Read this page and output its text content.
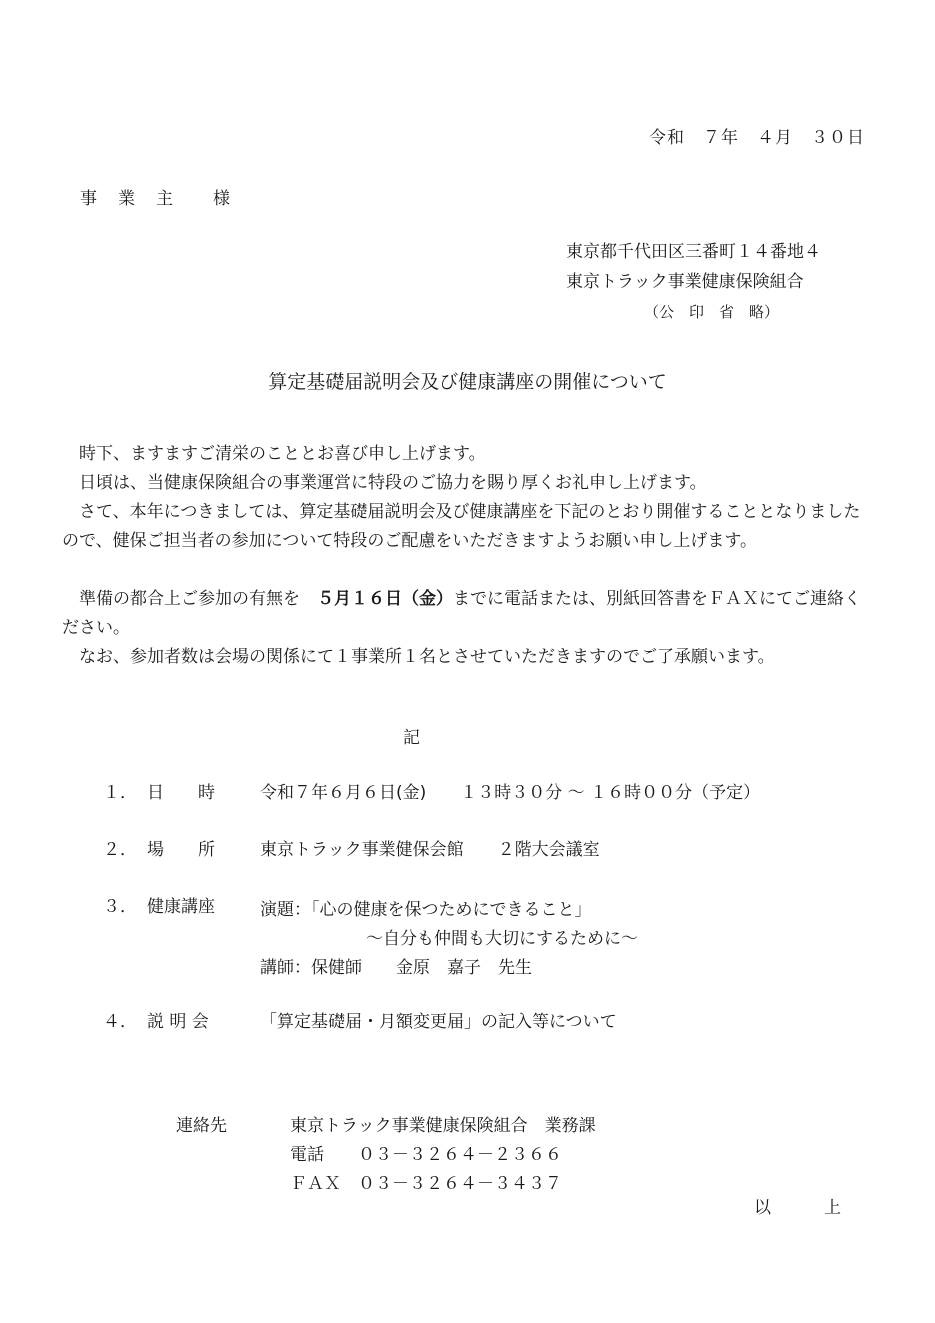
令和　７年　４月　３０日
事　業　主　　様
東京都千代田区三番町１４番地４
東京トラック事業健康保険組合
（公　印　省　略）
算定基礎届説明会及び健康講座の開催について

時下、ますますご清栄のこととお喜び申し上げます。

日頃は、当健康保険組合の事業運営に特段のご協力を賜り厚くお礼申し上げます。

さて、本年につきましては、算定基礎届説明会及び健康講座を下記のとおり開催することとなりましたので、健保ご担当者の参加について特段のご配慮をいただきますようお願い申し上げます。

準備の都合上ご参加の有無を　 ５月１６日（金）までに電話または、別紙回答書をＦＡＸにてご連絡ください。

なお、参加者数は会場の関係にて１事業所１名とさせていただきますのでご了承願います。

記
１． 日　　時	令和７年６月６日(金)　　１３時３０分 ～ １６時００分（予定）
２． 場　　所	東京トラック事業健保会館　　２階大会議室
３． 健康講座	演題：「心の健康を保つためにできること」
～自分も仲間も大切にするために～
講師：保健師　　金原　嘉子　先生
４． 説 明 会	「算定基礎届・月額変更届」の記入等について
連絡先	東京トラック事業健康保険組合　業務課
電話　　０３－３２６４－２３６６
ＦＡＸ　０３－３２６４－３４３７
以　上
